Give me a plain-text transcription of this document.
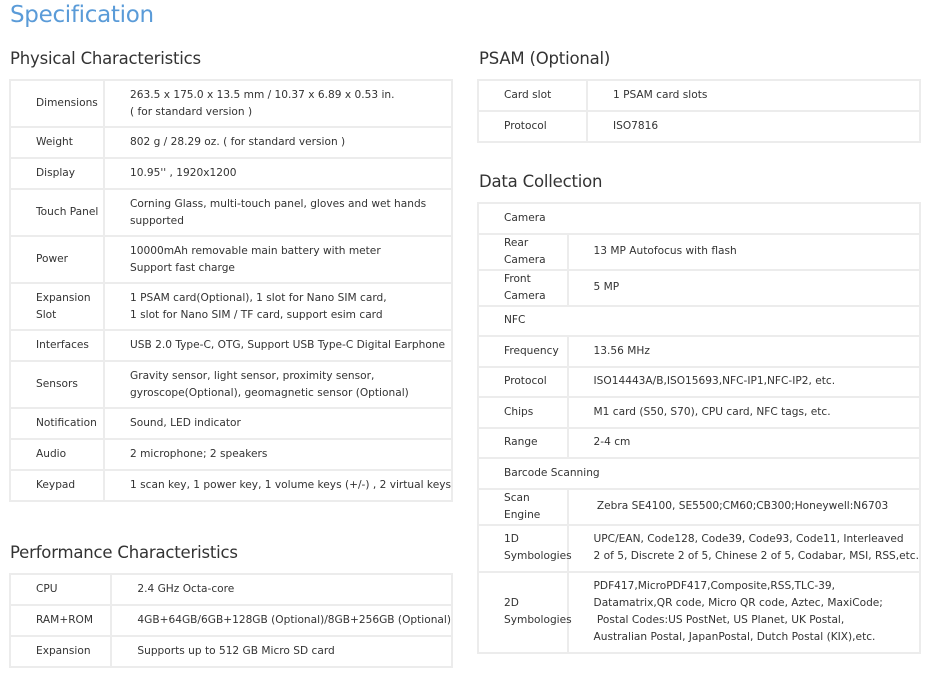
Specification
Physical Characteristics
Dimensions	263.5 x 175.0 x 13.5 mm / 10.37 x 6.89 x 0.53 in.
( for standard version )

Weight	802 g / 28.29 oz. ( for standard version )

Display	10.95'' , 1920x1200

Touch Panel	Corning Glass, multi-touch panel, gloves and wet hands
supported

Power	10000mAh removable main battery with meter
Support fast charge

Expansion Slot	1 PSAM card(Optional), 1 slot for Nano SIM card,
1 slot for Nano SIM / TF card, support esim card

Interfaces	USB 2.0 Type-C, OTG, Support USB Type-C Digital Earphone

Sensors	Gravity sensor, light sensor, proximity sensor,
gyroscope(Optional), geomagnetic sensor (Optional)

Notification	Sound, LED indicator

Audio	2 microphone; 2 speakers

Keypad	1 scan key, 1 power key, 1 volume keys (+/-) , 2 virtual keys
Performance Characteristics
CPU	2.4 GHz Octa-core

RAM+ROM	4GB+64GB/6GB+128GB (Optional)/8GB+256GB (Optional)

Expansion	Supports up to 512 GB Micro SD card
PSAM (Optional)
Card slot	1 PSAM card slots

Protocol	ISO7816
Data Collection
Camera	
Rear Camera	13 MP Autofocus with flash

Front Camera	5 MP

NFC	
Frequency	13.56 MHz

Protocol	ISO14443A/B,ISO15693,NFC-IP1,NFC-IP2, etc.

Chips	M1 card (S50, S70), CPU card, NFC tags, etc.

Range	2-4 cm

Barcode Scanning	
Scan Engine	Zebra SE4100, SE5500;CM60;CB300;Honeywell:N6703

1D Symbologies	UPC/EAN, Code128, Code39, Code93, Code11, Interleaved
2 of 5, Discrete 2 of 5, Chinese 2 of 5, Codabar, MSI, RSS,etc.

2D Symbologies	PDF417,MicroPDF417,Composite,RSS,TLC-39,
Datamatrix,QR code, Micro QR code, Aztec, MaxiCode;
Postal Codes:US PostNet, US Planet, UK Postal,
Australian Postal, JapanPostal, Dutch Postal (KIX),etc.
